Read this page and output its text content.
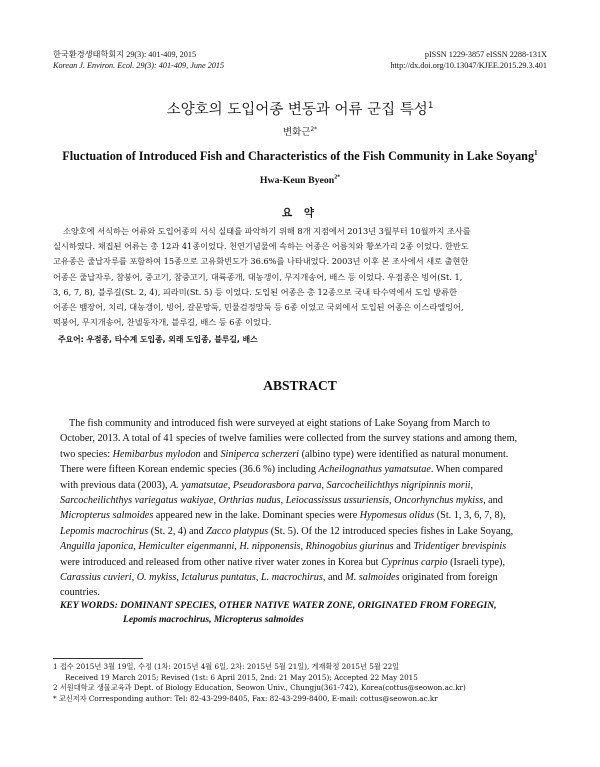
한국환경생태학회지 29(3): 401-409, 2015
Korean J. Environ. Ecol. 29(3): 401-409, June 2015
pISSN 1229-3857 eISSN 2288-131X
http://dx.doi.org/10.13047/KJEE.2015.29.3.401
소양호의 도입어종 변동과 어류 군집 특성$^1$
변화근$^{2*}$
Fluctuation of Introduced Fish and Characteristics of the Fish Community in Lake Soyang$^1$
Hwa-Keun Byeon$^{2*}$
요 약
소양호에 서식하는 어류와 도입어종의 서식 실태를 파악하기 위해 8개 지점에서 2013년 3월부터 10월까지 조사를
실시하였다. 채집된 어류는 총 12과 41종이었다. 천연기념물에 속하는 어종은 어름치와 황쏘가리 2종 이었다. 한반도
고유종은 줄납자루를 포함하여 15종으로 고유화빈도가 36.6%를 나타내었다. 2003년 이후 본 조사에서 새로 출현한
어종은 줄납자루, 참붕어, 중고기, 참중고기, 대륙종개, 대농갱이, 무지개송어, 배스 등 이었다. 우점종은 빙어(St. 1,
3, 6, 7, 8), 블루길(St. 2, 4), 피라미(St. 5) 등 이었다. 도입된 어종은 총 12종으로 국내 타수역에서 도입 방류한
어종은 뱀장어, 치리, 대농갱이, 빙어, 갈문망둑, 민물검정망둑 등 6종 이었고 국외에서 도입된 어종은 이스라엘잉어,
떡붕어, 무지개송어, 찬넬동자개, 블루길, 배스 등 6종 이었다.
주요어: 우점종, 타수계 도입종, 외래 도입종, 블루길, 배스
ABSTRACT
The fish community and introduced fish were surveyed at eight stations of Lake Soyang from March to
October, 2013. A total of 41 species of twelve families were collected from the survey stations and among them,
two species: Hemibarbus mylodon and Siniperca scherzeri (albino type) were identified as natural monument.
There were fifteen Korean endemic species (36.6 %) including Acheilognathus yamatsutae. When compared
with previous data (2003), A. yamatsutae, Pseudorasbora parva, Sarcocheilichthys nigripinnis morii,
Sarcocheilichthys variegatus wakiyae, Orthrias nudus, Leiocassissus ussuriensis, Oncorhynchus mykiss, and
Micropterus salmoides appeared new in the lake. Dominant species were Hypomesus olidus (St. 1, 3, 6, 7, 8),
Lepomis macrochirus (St. 2, 4) and Zacco platypus (St. 5). Of the 12 introduced species fishes in Lake Soyang,
Anguilla japonica, Hemiculter eigenmanni, H. nipponensis, Rhinogobius giurinus and Tridentiger brevispinis
were introduced and released from other native river water zones in Korea but Cyprinus carpio (Israeli type),
Carassius cuvieri, O. mykiss, Ictalurus puntatus, L. macrochirus, and M. salmoides originated from foreign
countries.
KEY WORDS: DOMINANT SPECIES, OTHER NATIVE WATER ZONE, ORIGINATED FROM FOREGIN,
Lepomis macrochirus, Micropterus salmoides
1 접수 2015년 3월 19일, 수정 (1차: 2015년 4월 6일, 2차: 2015년 5월 21일), 게재확정 2015년 5월 22일
Received 19 March 2015; Revised (1st: 6 April 2015, 2nd: 21 May 2015); Accepted 22 May 2015
2 서원대학교 생물교육과 Dept. of Biology Education, Seowon Univ., Chungju(361-742), Korea(cottus@seowon.ac.kr)
* 교신저자 Corresponding author: Tel: 82-43-299-8405, Fax: 82-43-299-8400, E-mail: cottus@seowon.ac.kr
